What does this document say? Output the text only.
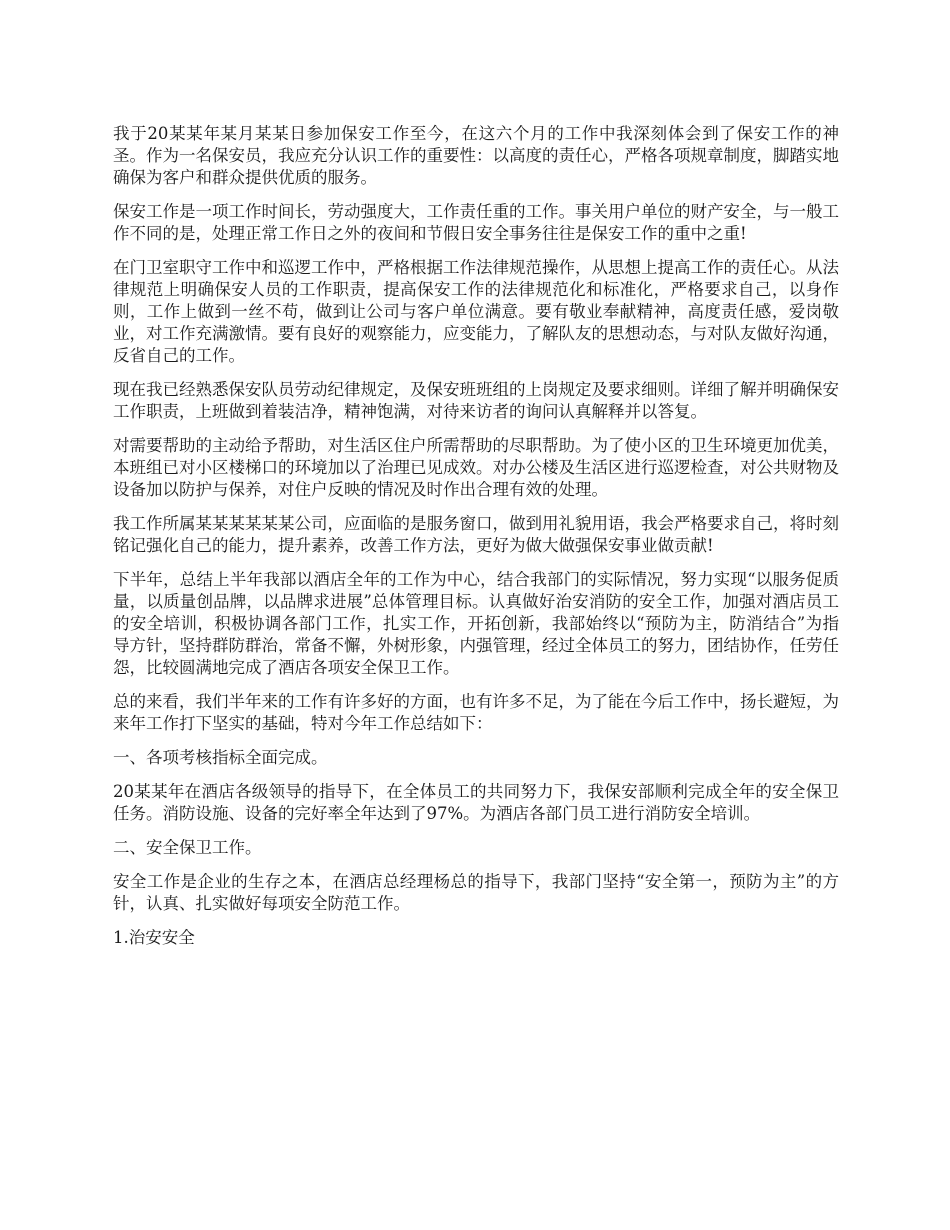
我于20某某年某月某某日参加保安工作至今，在这六个月的工作中我深刻体会到了保安工作的神圣。作为一名保安员，我应充分认识工作的重要性：以高度的责任心，严格各项规章制度，脚踏实地确保为客户和群众提供优质的服务。

保安工作是一项工作时间长，劳动强度大，工作责任重的工作。事关用户单位的财产安全，与一般工作不同的是，处理正常工作日之外的夜间和节假日安全事务往往是保安工作的重中之重!

在门卫室职守工作中和巡逻工作中，严格根据工作法律规范操作，从思想上提高工作的责任心。从法律规范上明确保安人员的工作职责，提高保安工作的法律规范化和标准化，严格要求自己，以身作则，工作上做到一丝不苟，做到让公司与客户单位满意。要有敬业奉献精神，高度责任感，爱岗敬业，对工作充满激情。要有良好的观察能力，应变能力，了解队友的思想动态，与对队友做好沟通，反省自己的工作。

现在我已经熟悉保安队员劳动纪律规定，及保安班班组的上岗规定及要求细则。详细了解并明确保安工作职责，上班做到着装洁净，精神饱满，对待来访者的询问认真解释并以答复。

对需要帮助的主动给予帮助，对生活区住户所需帮助的尽职帮助。为了使小区的卫生环境更加优美，本班组已对小区楼梯口的环境加以了治理已见成效。对办公楼及生活区进行巡逻检查，对公共财物及设备加以防护与保养，对住户反映的情况及时作出合理有效的处理。

我工作所属某某某某某某公司，应面临的是服务窗口，做到用礼貌用语，我会严格要求自己，将时刻铭记强化自己的能力，提升素养，改善工作方法，更好为做大做强保安事业做贡献!

下半年，总结上半年我部以酒店全年的工作为中心，结合我部门的实际情况，努力实现“以服务促质量，以质量创品牌，以品牌求进展”总体管理目标。认真做好治安消防的安全工作，加强对酒店员工的安全培训，积极协调各部门工作，扎实工作，开拓创新，我部始终以“预防为主，防消结合”为指导方针，坚持群防群治，常备不懈，外树形象，内强管理，经过全体员工的努力，团结协作，任劳任怨，比较圆满地完成了酒店各项安全保卫工作。

总的来看，我们半年来的工作有许多好的方面，也有许多不足，为了能在今后工作中，扬长避短，为来年工作打下坚实的基础，特对今年工作总结如下：

一、各项考核指标全面完成。

20某某年在酒店各级领导的指导下，在全体员工的共同努力下，我保安部顺利完成全年的安全保卫任务。消防设施、设备的完好率全年达到了97%。为酒店各部门员工进行消防安全培训。

二、安全保卫工作。

安全工作是企业的生存之本，在酒店总经理杨总的指导下，我部门坚持“安全第一，预防为主”的方针，认真、扎实做好每项安全防范工作。

1.治安安全
